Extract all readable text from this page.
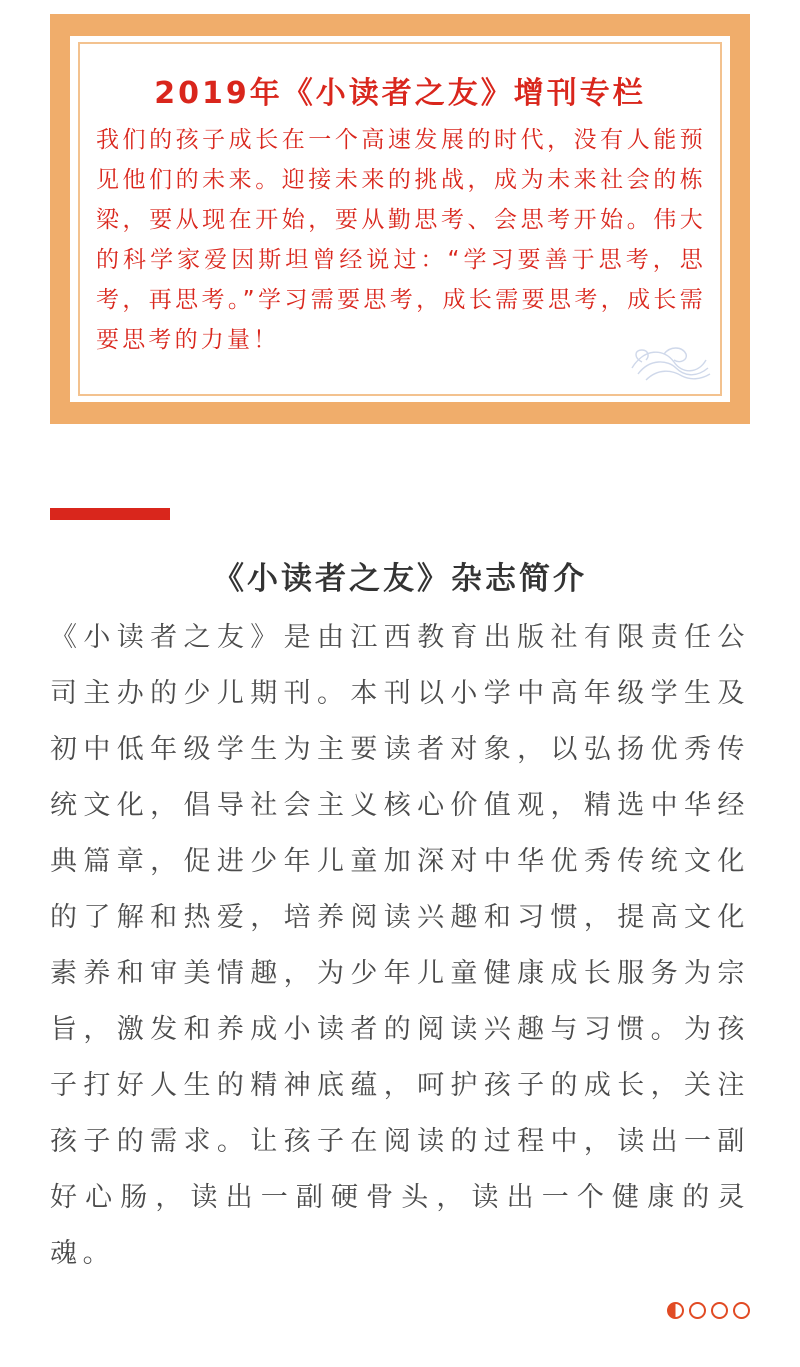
2019年《小读者之友》增刊专栏
我们的孩子成长在一个高速发展的时代，没有人能预见他们的未来。迎接未来的挑战，成为未来社会的栋梁，要从现在开始，要从勤思考、会思考开始。伟大的科学家爱因斯坦曾经说过：“学习要善于思考，思考，再思考。”学习需要思考，成长需要思考，成长需要思考的力量！
《小读者之友》杂志简介
《小读者之友》是由江西教育出版社有限责任公司主办的少儿期刊。本刊以小学中高年级学生及初中低年级学生为主要读者对象，以弘扬优秀传统文化，倡导社会主义核心价值观，精选中华经典篇章，促进少年儿童加深对中华优秀传统文化的了解和热爱，培养阅读兴趣和习惯，提高文化素养和审美情趣，为少年儿童健康成长服务为宗旨，激发和养成小读者的阅读兴趣与习惯。为孩子打好人生的精神底蕴，呵护孩子的成长，关注孩子的需求。让孩子在阅读的过程中，读出一副好心肠，读出一副硬骨头，读出一个健康的灵魂。
